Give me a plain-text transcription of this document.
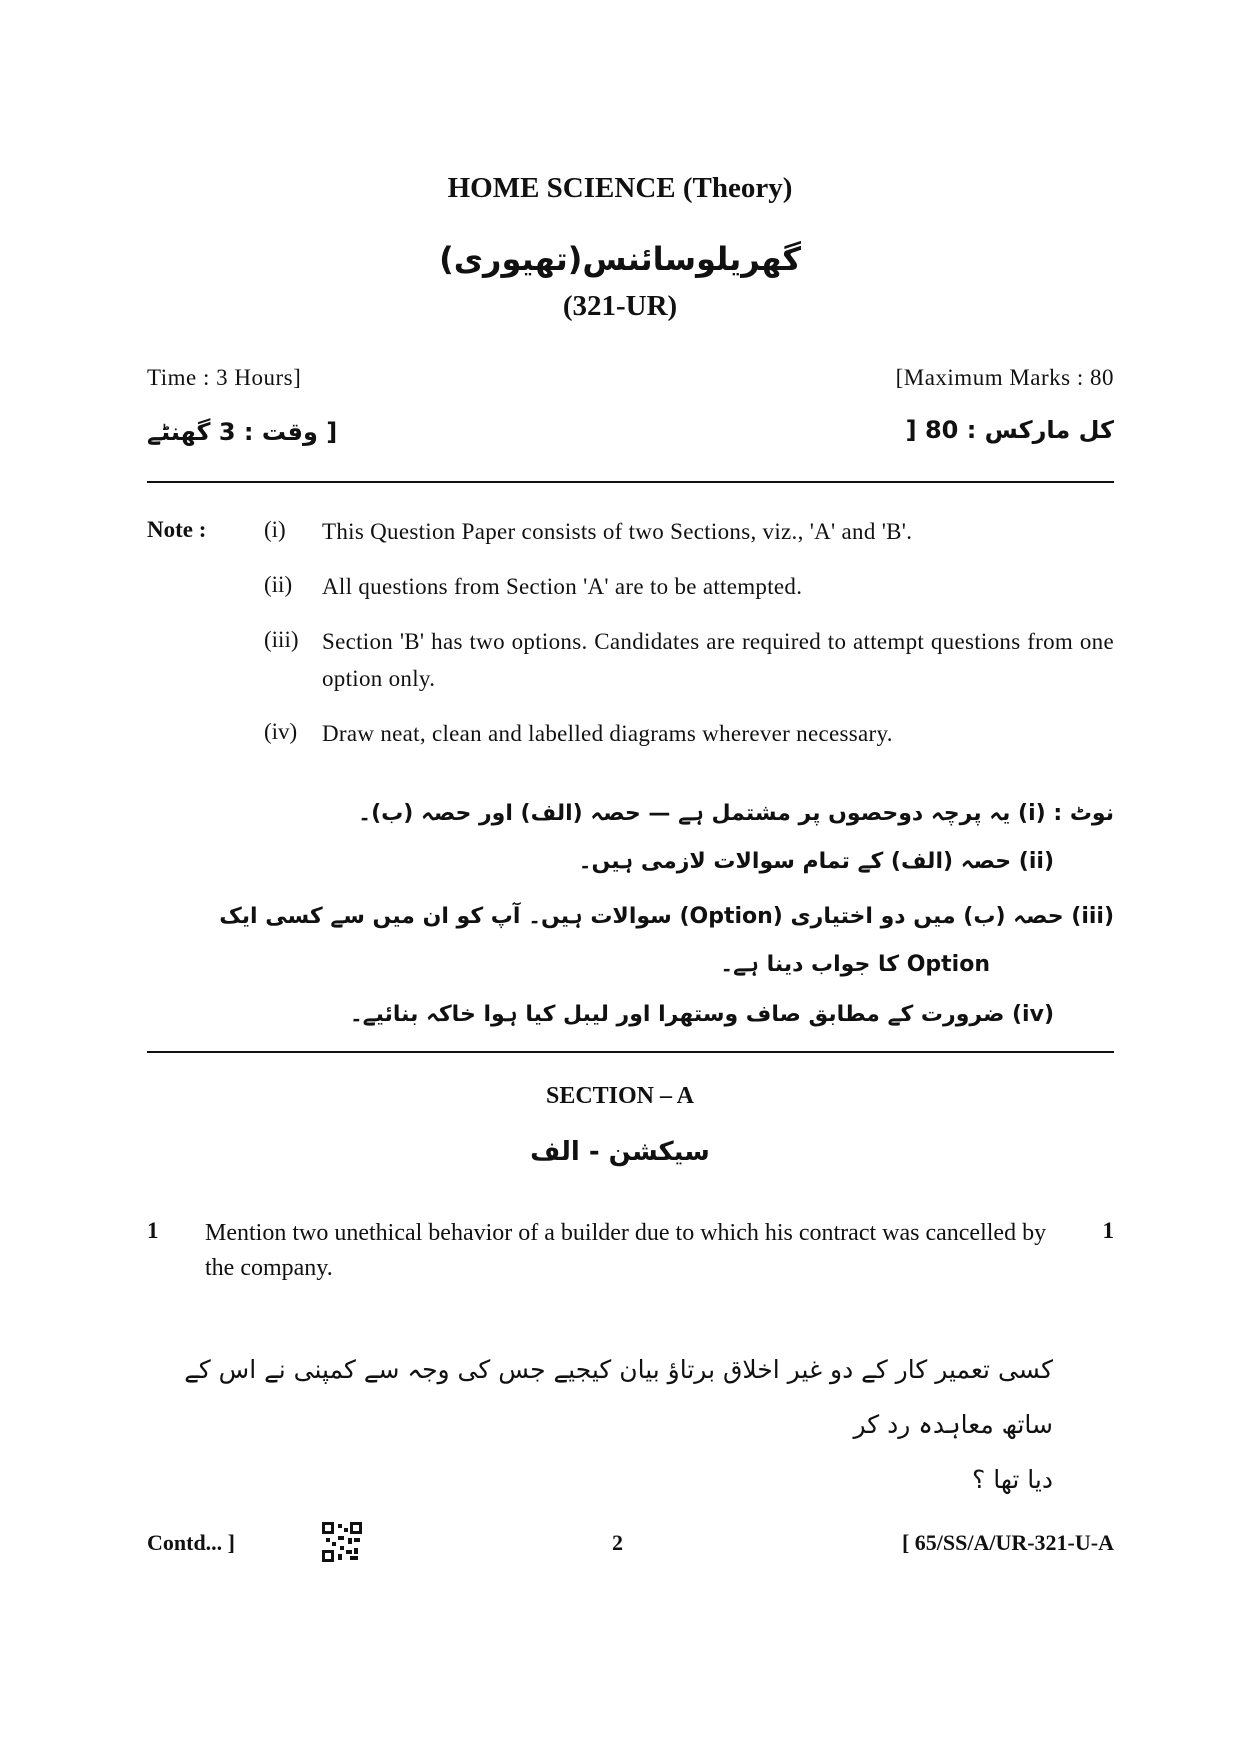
HOME SCIENCE (Theory)
گھریلوسائنس(تھیوری)
(321-UR)
Time : 3 Hours]	[Maximum Marks : 80
وقت : 3 گھنٹے ]	کل مارکس : 80 [
Note :	(i) This Question Paper consists of two Sections, viz., 'A' and 'B'.
(ii) All questions from Section 'A' are to be attempted.
(iii) Section 'B' has two options. Candidates are required to attempt questions from one option only.
(iv) Draw neat, clean and labelled diagrams wherever necessary.
نوٹ : (i) یہ پرچہ دوحصوں پر مشتمل ہے — حصہ (الف) اور حصہ (ب)۔
(ii) حصہ (الف) کے تمام سوالات لازمی ہیں۔
(iii) حصہ (ب) میں دو اختیاری (Option) سوالات ہیں۔ آپ کو ان میں سے کسی ایک
Option کا جواب دینا ہے۔
(iv) ضرورت کے مطابق صاف وستھرا اور لیبل کیا ہوا خاکہ بنائیے۔
SECTION – A
سیکشن - الف
1 Mention two unethical behavior of a builder due to which his contract was cancelled by the company.
1
کسی تعمیر کار کے دو غیر اخلاق برتاؤ بیان کیجیے جس کی وجہ سے کمپنی نے اس کے ساتھ معاہدہ رد کر
دیا تھا ؟
Contd... ]	2	[ 65/SS/A/UR-321-U-A
